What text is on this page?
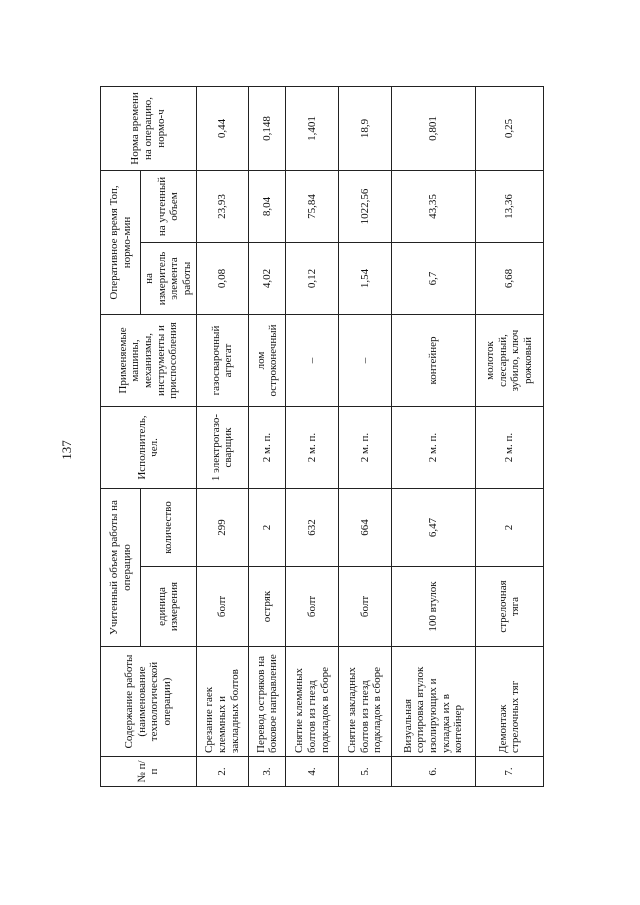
137
№ п/п	Содержание работы (наименование технологической операции)	Учитенный объем работы на операцию		Исполнитель, чел.	Применяемые машины, механизмы, инструменты и приспособления	Оперативное время Топ, нормо-мин		Норма времени на операцию, нормо-ч
		единица измерения	количество			на измеритель элемента работы	на учтенный объем	
2.	Срезание гаек клеммных и закладных болтов	болт	299	1 электрогазо-сварщик	газосварочный агрегат	0,08	23,93	0,44
3.	Перевод остряков на боковое направление	остряк	2	2 м. п.	лом остроконечный	4,02	8,04	0,148
4.	Снятие клеммных болтов из гнезд подкладок в сборе	болт	632	2 м. п.	–	0,12	75,84	1,401
5.	Снятие закладных болтов из гнезд подкладок в сборе	болт	664	2 м. п.	–	1,54	1022,56	18,9
6.	Визуальная сортировка втулок изолирующих и укладка их в контейнер	100 втулок	6,47	2 м. п.	контейнер	6,7	43,35	0,801
7.	Демонтаж стрелочных тяг	стрелочная тяга	2	2 м. п.	молоток слесарный, зубило, ключ рожковый	6,68	13,36	0,25
